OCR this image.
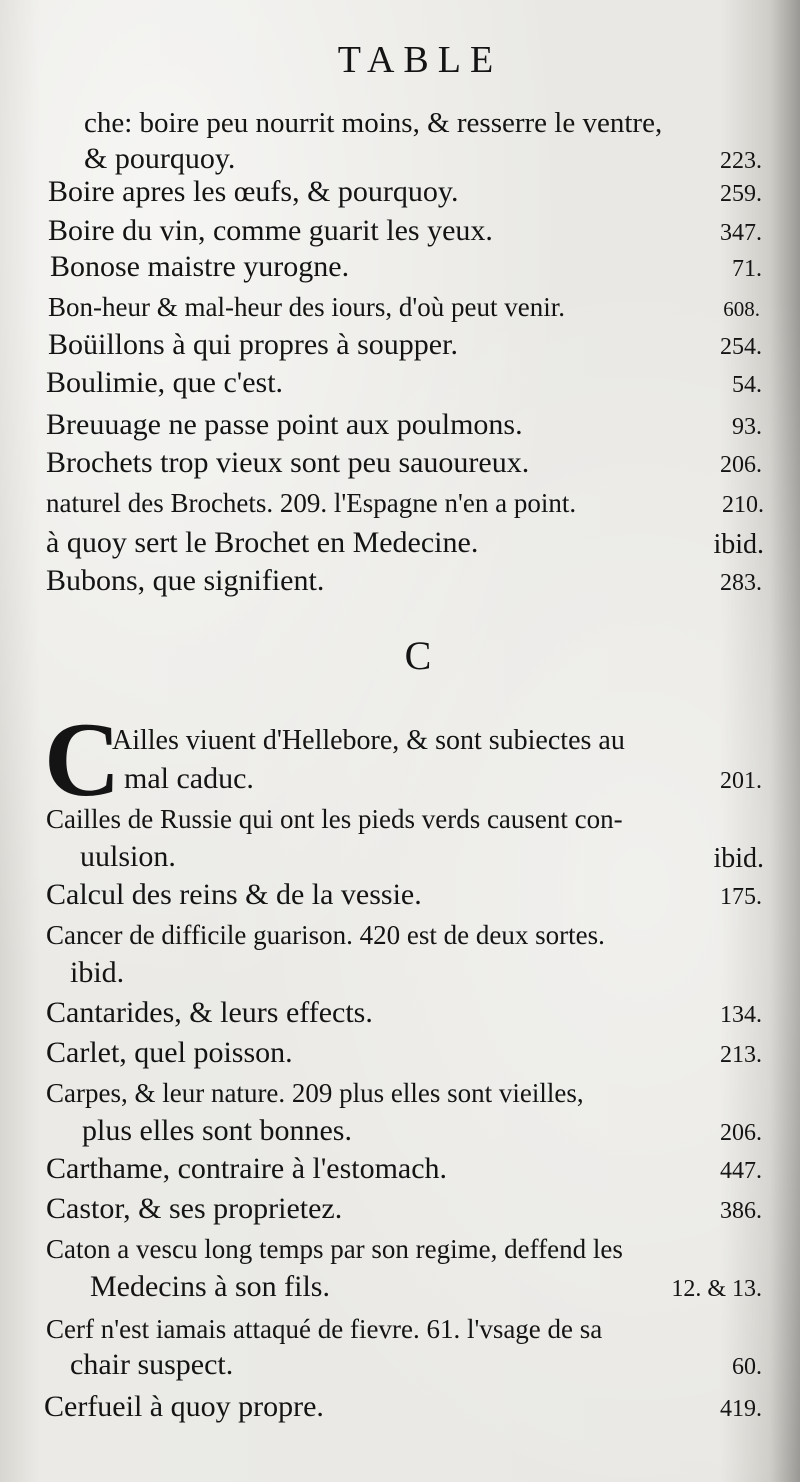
TABLE
che: boire peu nourrit moins, & resserre le ventre,
& pourquoy.	223.
Boire apres les œufs, & pourquoy.	259.
Boire du vin, comme guarit les yeux.	347.
Bonose maistre yurogne.	71.
Bon-heur & mal-heur des iours, d'où peut venir.	608.
Boüillons à qui propres à soupper.	254.
Boulimie, que c'est.	54.
Breuuage ne passe point aux poulmons.	93.
Brochets trop vieux sont peu sauoureux.	206.
naturel des Brochets. 209. l'Espagne n'en a point.	210.
à quoy sert le Brochet en Medecine.	ibid.
Bubons, que signifient.	283.
C
C
Ailles viuent d'Hellebore, & sont subiectes au
mal caduc.	201.
Cailles de Russie qui ont les pieds verds causent con-
uulsion.	ibid.
Calcul des reins & de la vessie.	175.
Cancer de difficile guarison. 420 est de deux sortes.
ibid.
Cantarides, & leurs effects.	134.
Carlet, quel poisson.	213.
Carpes, & leur nature. 209 plus elles sont vieilles,
plus elles sont bonnes.	206.
Carthame, contraire à l'estomach.	447.
Castor, & ses proprietez.	386.
Caton a vescu long temps par son regime, deffend les
Medecins à son fils.	12. & 13.
Cerf n'est iamais attaqué de fievre. 61. l'vsage de sa
chair suspect.	60.
Cerfueil à quoy propre.	419.
